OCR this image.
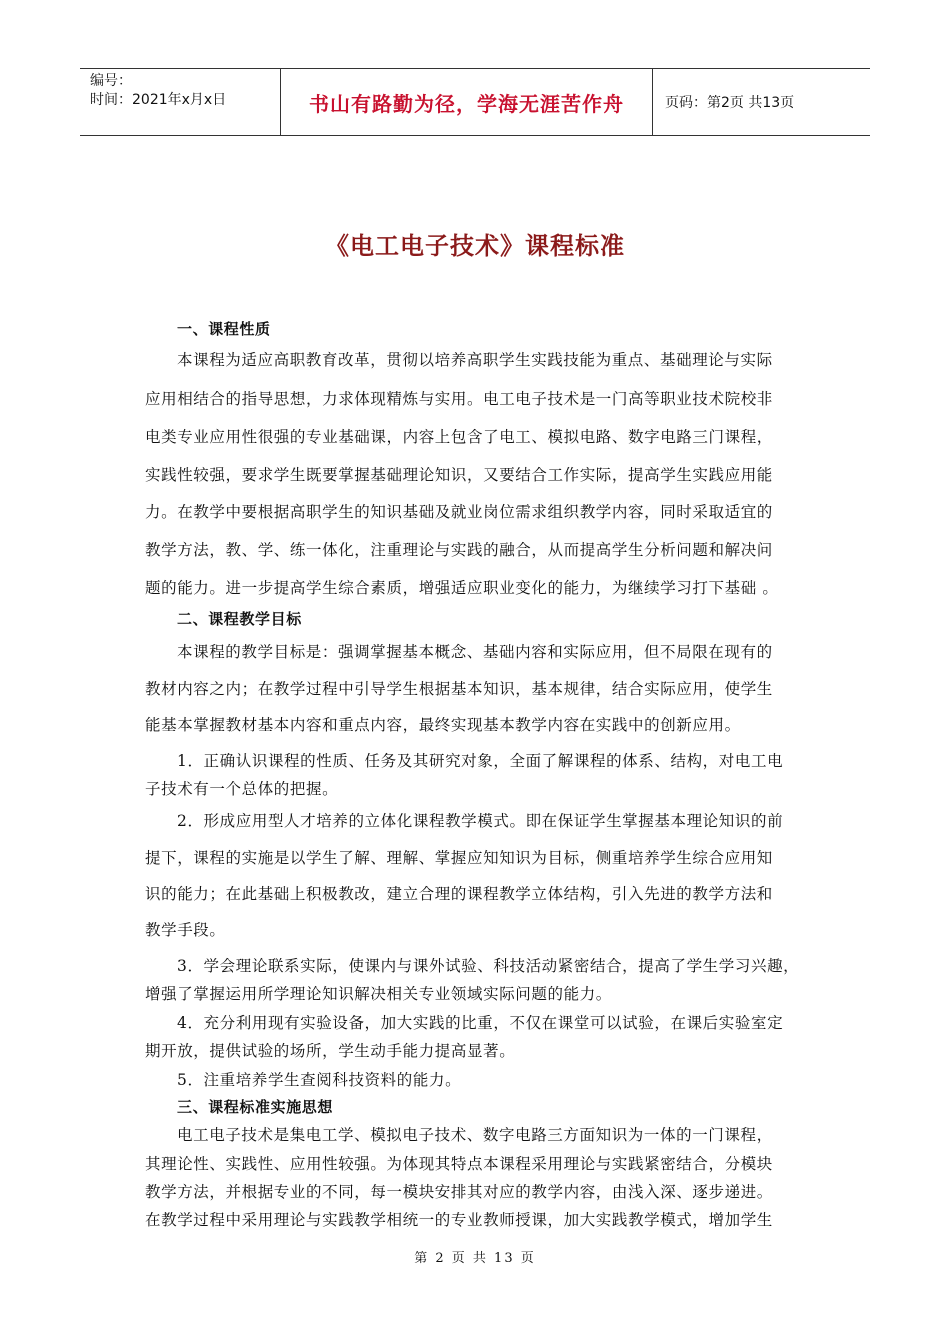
编号：
时间：2021年x月x日	书山有路勤为径，学海无涯苦作舟	页码：第2页 共13页
《电工电子技术》课程标准
一、课程性质
本课程为适应高职教育改革，贯彻以培养高职学生实践技能为重点、基础理论与实际
应用相结合的指导思想，力求体现精炼与实用。电工电子技术是一门高等职业技术院校非
电类专业应用性很强的专业基础课，内容上包含了电工、模拟电路、数字电路三门课程，
实践性较强，要求学生既要掌握基础理论知识，又要结合工作实际，提高学生实践应用能
力。在教学中要根据高职学生的知识基础及就业岗位需求组织教学内容，同时采取适宜的
教学方法，教、学、练一体化，注重理论与实践的融合，从而提高学生分析问题和解决问
题的能力。进一步提高学生综合素质，增强适应职业变化的能力，为继续学习打下基础 。
二、课程教学目标
本课程的教学目标是：强调掌握基本概念、基础内容和实际应用，但不局限在现有的
教材内容之内；在教学过程中引导学生根据基本知识，基本规律，结合实际应用，使学生
能基本掌握教材基本内容和重点内容，最终实现基本教学内容在实践中的创新应用。
1．正确认识课程的性质、任务及其研究对象，全面了解课程的体系、结构，对电工电
子技术有一个总体的把握。
2．形成应用型人才培养的立体化课程教学模式。即在保证学生掌握基本理论知识的前
提下，课程的实施是以学生了解、理解、掌握应知知识为目标，侧重培养学生综合应用知
识的能力；在此基础上积极教改，建立合理的课程教学立体结构，引入先进的教学方法和
教学手段。
3．学会理论联系实际，使课内与课外试验、科技活动紧密结合，提高了学生学习兴趣，
增强了掌握运用所学理论知识解决相关专业领域实际问题的能力。
4．充分利用现有实验设备，加大实践的比重，不仅在课堂可以试验，在课后实验室定
期开放，提供试验的场所，学生动手能力提高显著。
5．注重培养学生查阅科技资料的能力。
三、课程标准实施思想
电工电子技术是集电工学、模拟电子技术、数字电路三方面知识为一体的一门课程，
其理论性、实践性、应用性较强。为体现其特点本课程采用理论与实践紧密结合，分模块
教学方法，并根据专业的不同，每一模块安排其对应的教学内容，由浅入深、逐步递进。
在教学过程中采用理论与实践教学相统一的专业教师授课，加大实践教学模式，增加学生
第 2 页 共 13 页
